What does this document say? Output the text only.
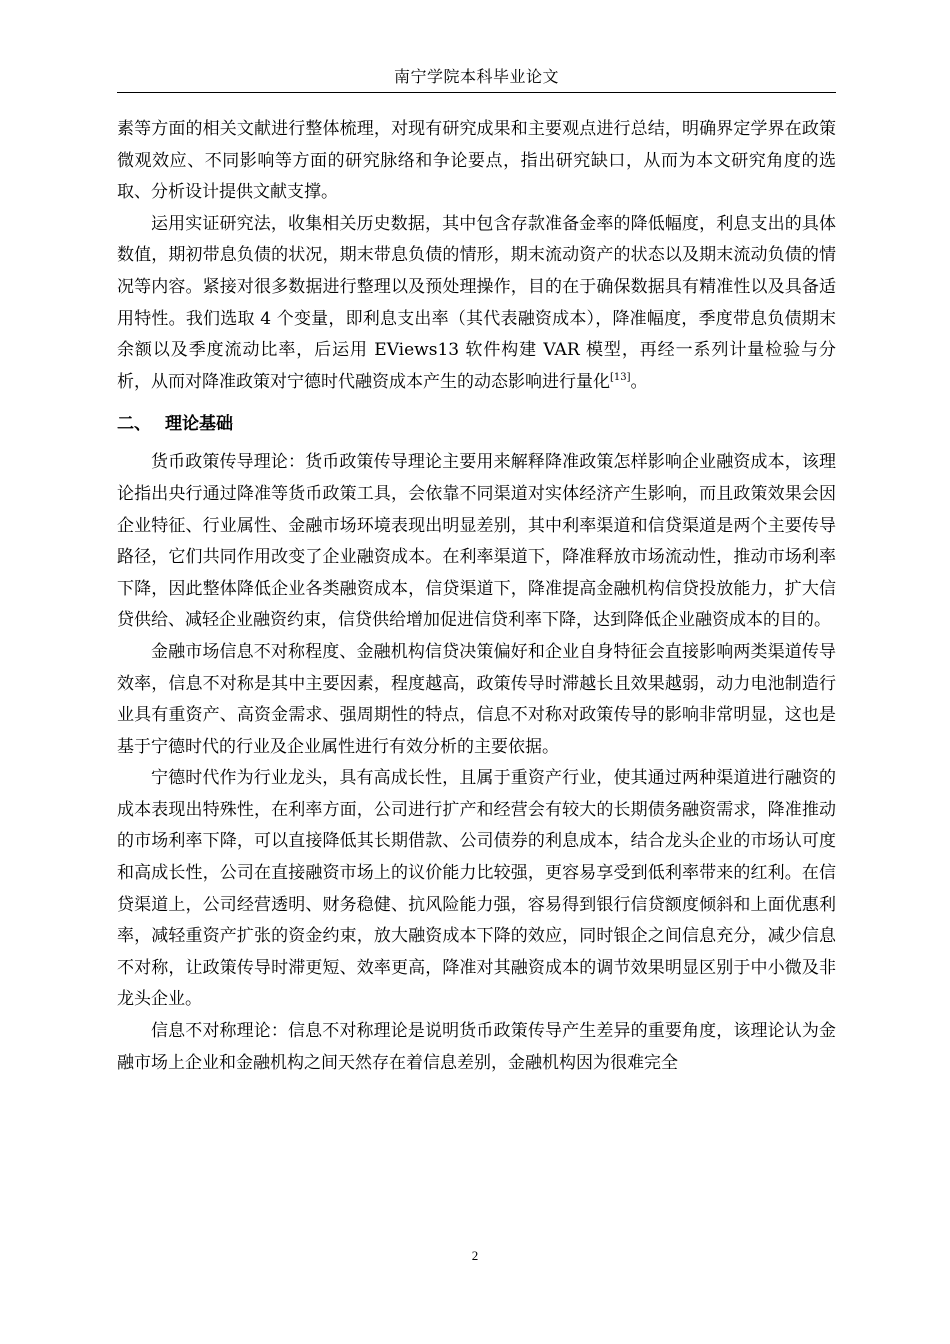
南宁学院本科毕业论文

素等方面的相关文献进行整体梳理，对现有研究成果和主要观点进行总结，明确界定学界在政策微观效应、不同影响等方面的研究脉络和争论要点，指出研究缺口，从而为本文研究角度的选取、分析设计提供文献支撑。

运用实证研究法，收集相关历史数据，其中包含存款准备金率的降低幅度，利息支出的具体数值，期初带息负债的状况，期末带息负债的情形，期末流动资产的状态以及期末流动负债的情况等内容。紧接对很多数据进行整理以及预处理操作，目的在于确保数据具有精准性以及具备适用特性。我们选取 4 个变量，即利息支出率（其代表融资成本），降准幅度，季度带息负债期末余额以及季度流动比率，后运用 EViews13 软件构建 VAR 模型，再经一系列计量检验与分析，从而对降准政策对宁德时代融资成本产生的动态影响进行量化[13]。

二、 理论基础

货币政策传导理论：货币政策传导理论主要用来解释降准政策怎样影响企业融资成本，该理论指出央行通过降准等货币政策工具，会依靠不同渠道对实体经济产生影响，而且政策效果会因企业特征、行业属性、金融市场环境表现出明显差别，其中利率渠道和信贷渠道是两个主要传导路径，它们共同作用改变了企业融资成本。在利率渠道下，降准释放市场流动性，推动市场利率下降，因此整体降低企业各类融资成本，信贷渠道下，降准提高金融机构信贷投放能力，扩大信贷供给、减轻企业融资约束，信贷供给增加促进信贷利率下降，达到降低企业融资成本的目的。

金融市场信息不对称程度、金融机构信贷决策偏好和企业自身特征会直接影响两类渠道传导效率，信息不对称是其中主要因素，程度越高，政策传导时滞越长且效果越弱，动力电池制造行业具有重资产、高资金需求、强周期性的特点，信息不对称对政策传导的影响非常明显，这也是基于宁德时代的行业及企业属性进行有效分析的主要依据。

宁德时代作为行业龙头，具有高成长性，且属于重资产行业，使其通过两种渠道进行融资的成本表现出特殊性，在利率方面，公司进行扩产和经营会有较大的长期债务融资需求，降准推动的市场利率下降，可以直接降低其长期借款、公司债券的利息成本，结合龙头企业的市场认可度和高成长性，公司在直接融资市场上的议价能力比较强，更容易享受到低利率带来的红利。在信贷渠道上，公司经营透明、财务稳健、抗风险能力强，容易得到银行信贷额度倾斜和上面优惠利率，减轻重资产扩张的资金约束，放大融资成本下降的效应，同时银企之间信息充分，减少信息不对称，让政策传导时滞更短、效率更高，降准对其融资成本的调节效果明显区别于中小微及非龙头企业。

信息不对称理论：信息不对称理论是说明货币政策传导产生差异的重要角度，该理论认为金融市场上企业和金融机构之间天然存在着信息差别，金融机构因为很难完全

2
